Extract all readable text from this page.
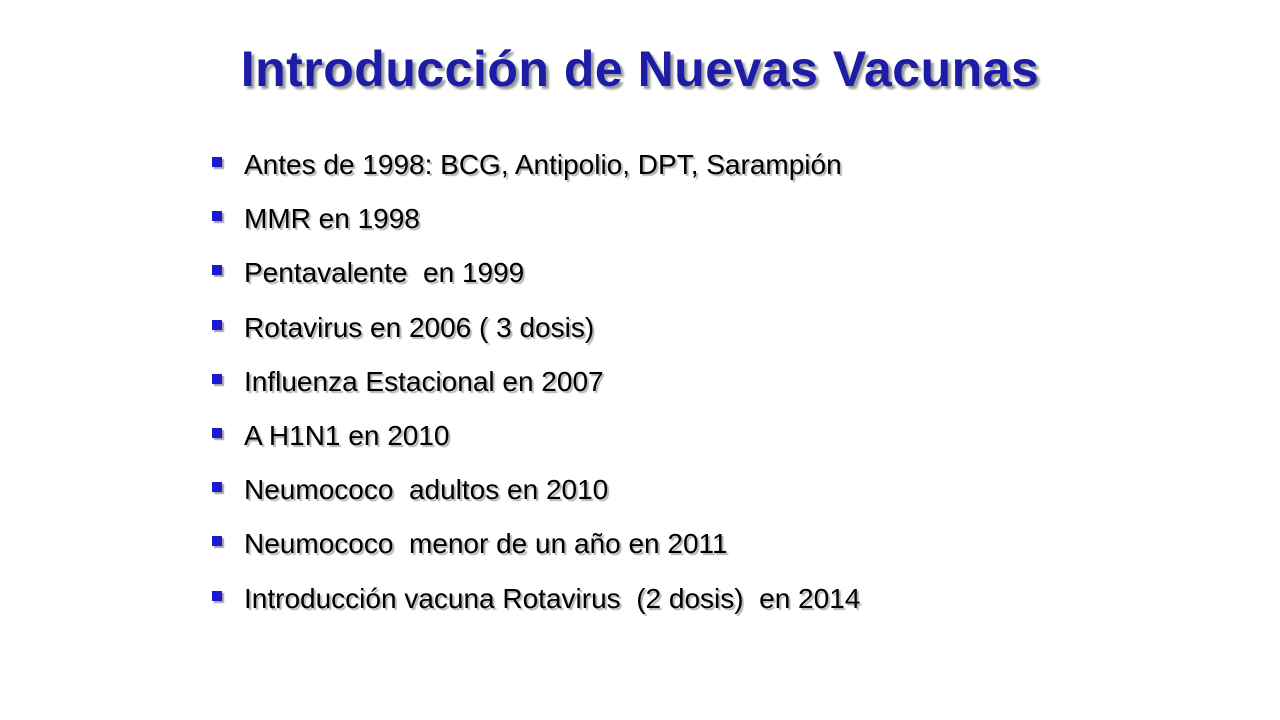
Introducción de Nuevas Vacunas
Antes de 1998: BCG, Antipolio, DPT, Sarampión
MMR en 1998
Pentavalente  en 1999
Rotavirus en 2006 ( 3 dosis)
Influenza Estacional en 2007
A H1N1 en 2010
Neumococo  adultos en 2010
Neumococo  menor de un año en 2011
Introducción vacuna Rotavirus  (2 dosis)  en 2014
